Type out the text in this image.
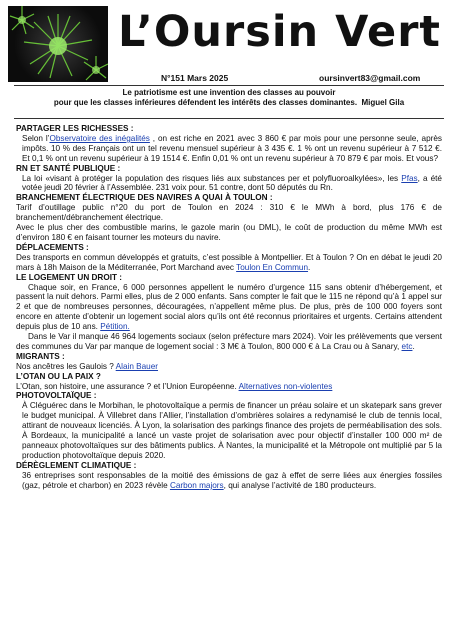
L’Oursin Vert
N°151 Mars 2025	oursinvert83@gmail.com
Le patriotisme est une invention des classes au pouvoir
pour que les classes inférieures défendent les intérêts des classes dominantes. Miguel Gila
PARTAGER LES RICHESSES :

Selon l’Observatoire des inégalités , on est riche en 2021 avec 3 860 € par mois pour une personne seule, après impôts. 10 % des Français ont un tel revenu mensuel supérieur à 3 435 €. 1 % ont un revenu supérieur à 7 512 €. Et 0,1 % ont un revenu supérieur à 19 1514 €. Enfin 0,01 % ont un revenu supérieur à 70 879 € par mois. Et vous?

RN ET SANTÉ PUBLIQUE :

La loi «visant à protéger la population des risques liés aux substances per et polyfluoroalkylées», les Pfas, a été votée jeudi 20 février à l’Assemblée. 231 voix pour. 51 contre, dont 50 députés du Rn.

BRANCHEMENT ÉLECTRIQUE DES NAVIRES A QUAI À TOULON :

Tarif d’outillage public n°20 du port de Toulon en 2024 : 310 € le MWh à bord, plus 176 € de branchement/débranchement électrique.

Avec le plus cher des combustible marins, le gazole marin (ou DML), le coût de production du même MWh est d’environ 180 € en faisant tourner les moteurs du navire.

DÉPLACEMENTS :

Des transports en commun développés et gratuits, c’est possible à Montpellier. Et à Toulon ? On en débat le jeudi 20 mars à 18h Maison de la Méditerranée, Port Marchand avec Toulon En Commun.

LE LOGEMENT UN DROIT :

Chaque soir, en France, 6 000 personnes appellent le numéro d’urgence 115 sans obtenir d’hébergement, et passent la nuit dehors. Parmi elles, plus de 2 000 enfants. Sans compter le fait que le 115 ne répond qu’à 1 appel sur 2 et que de nombreuses personnes, découragées, n’appellent même plus. De plus, près de 100 000 foyers sont encore en attente d’obtenir un logement social alors qu’ils ont été reconnus prioritaires et urgents. Certains attendent depuis plus de 10 ans. Pétition.

Dans le Var il manque 46 964 logements sociaux (selon préfecture mars 2024). Voir les prélèvements que versent des communes du Var par manque de logement social : 3 M€ à Toulon, 800 000 € à La Crau ou à Sanary, etc.

MIGRANTS :

Nos ancêtres les Gaulois ? Alain Bauer

L’OTAN OU LA PAIX ?

L’Otan, son histoire, une assurance ? et l’Union Européenne. Alternatives non-violentes

PHOTOVOLTAÏQUE :

À Cléguérec dans le Morbihan, le photovoltaïque a permis de financer un préau solaire et un skatepark sans grever le budget municipal. À Villebret dans l’Allier, l’installation d’ombrières solaires a redynamisé le club de tennis local, attirant de nouveaux licenciés. À Lyon, la solarisation des parkings finance des projets de perméabilisation des sols. À Bordeaux, la municipalité a lancé un vaste projet de solarisation avec pour objectif d’installer 100 000 m² de panneaux photovoltaïques sur des bâtiments publics. À Nantes, la municipalité et la Métropole ont multiplié par 5 la production photovoltaïque depuis 2020.

DÉRÈGLEMENT CLIMATIQUE :

36 entreprises sont responsables de la moitié des émissions de gaz à effet de serre liées aux énergies fossiles (gaz, pétrole et charbon) en 2023 révèle Carbon majors, qui analyse l’activité de 180 producteurs.
